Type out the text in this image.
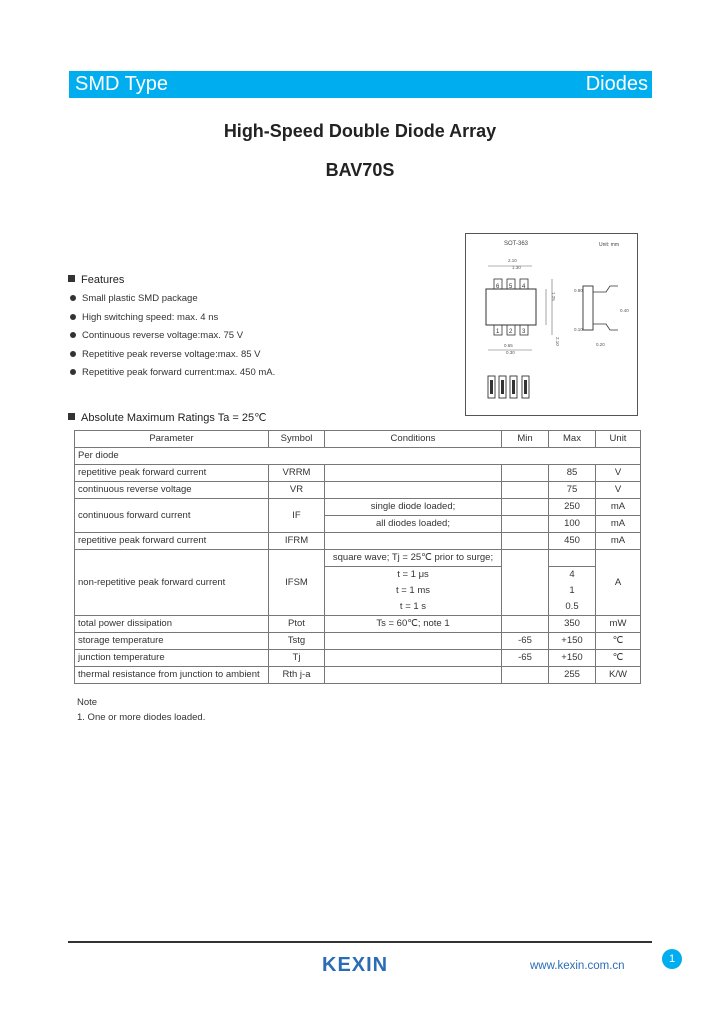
SMD Type	Diodes
High-Speed Double Diode Array
BAV70S
SOT-363	Unit: mm
2.10
1.30
6 5 4
1 2 3
0.65
0.30
1.25
2.10
0.90
0.10
0.20
0.40
Features
Small plastic SMD package
High switching speed: max. 4 ns
Continuous reverse voltage:max. 75 V
Repetitive peak reverse voltage:max. 85 V
Repetitive peak forward current:max. 450 mA.
Absolute Maximum Ratings Ta = 25℃
Parameter	Symbol	Conditions	Min	Max	Unit
Per diode					
repetitive peak forward current	VRRM			85	V
continuous reverse voltage	VR			75	V
continuous forward current	IF	single diode loaded;		250	mA
		all diodes loaded;		100	mA
repetitive peak forward current	IFRM			450	mA
non-repetitive peak forward current	IFSM	square wave; Tj = 25℃ prior to surge;			A
		t = 1 μs		4	
		t = 1 ms		1	
		t = 1 s		0.5	
total power dissipation	Ptot	Ts = 60℃; note 1		350	mW
storage temperature	Tstg		-65	+150	℃
junction temperature	Tj		-65	+150	℃
thermal resistance from junction to ambient	Rth j-a			255	K/W
Note
1. One or more diodes loaded.
KEXIN	www.kexin.com.cn
1
